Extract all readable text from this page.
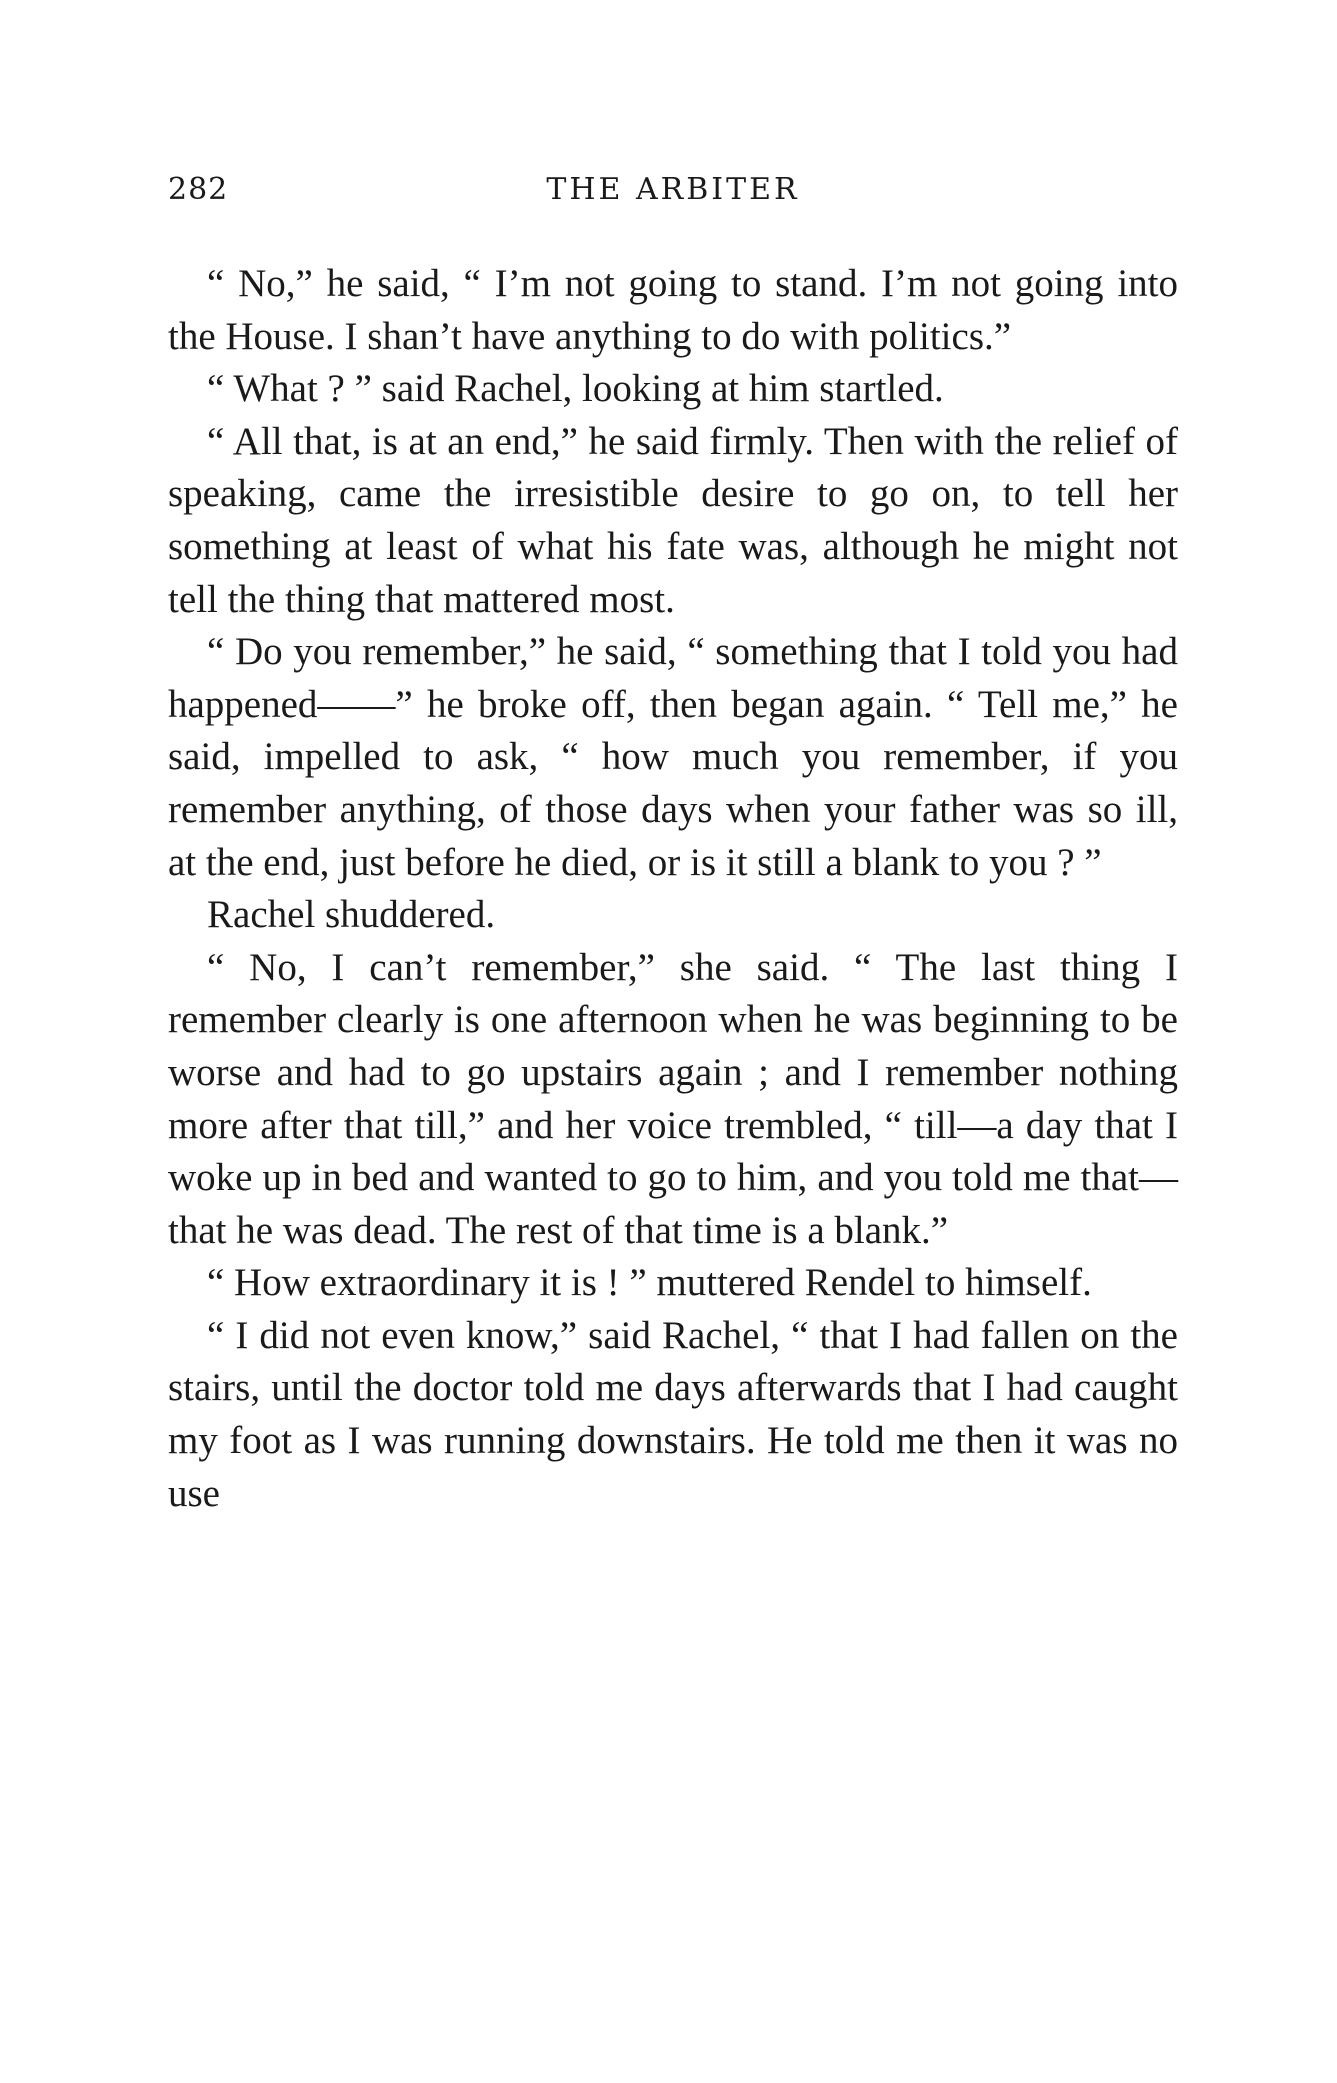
282	THE ARBITER

“ No,” he said, “ I’m not going to stand. I’m not going into the House. I shan’t have anything to do with politics.”

“ What ? ” said Rachel, looking at him startled.

“ All that, is at an end,” he said firmly. Then with the relief of speaking, came the irresistible desire to go on, to tell her something at least of what his fate was, although he might not tell the thing that mattered most.

“ Do you remember,” he said, “ something that I told you had happened——” he broke off, then began again. “ Tell me,” he said, impelled to ask, “ how much you remember, if you remember anything, of those days when your father was so ill, at the end, just before he died, or is it still a blank to you ? ”

Rachel shuddered.

“ No, I can’t remember,” she said. “ The last thing I remember clearly is one afternoon when he was beginning to be worse and had to go upstairs again ; and I remember nothing more after that till,” and her voice trembled, “ till––a day that I woke up in bed and wanted to go to him, and you told me that—that he was dead. The rest of that time is a blank.”

“ How extraordinary it is ! ” muttered Rendel to himself.

“ I did not even know,” said Rachel, “ that I had fallen on the stairs, until the doctor told me days afterwards that I had caught my foot as I was running downstairs. He told me then it was no use
